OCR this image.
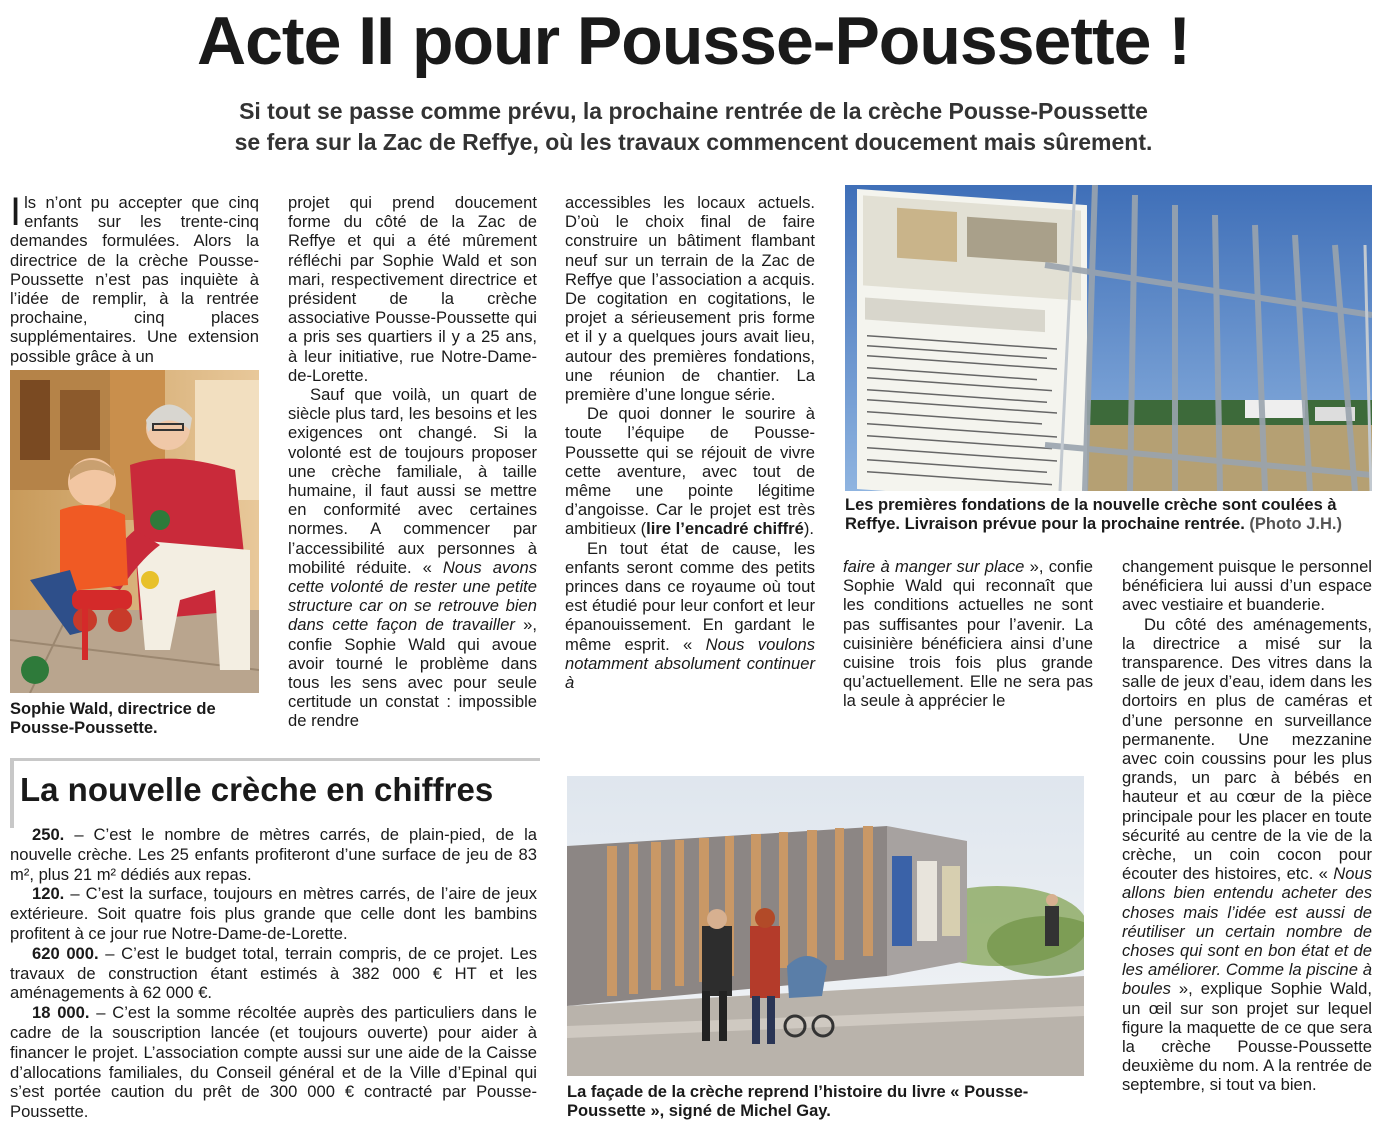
Acte II pour Pousse-Poussette !
Si tout se passe comme prévu, la prochaine rentrée de la crèche Pousse-Poussette
se fera sur la Zac de Reffye, où les travaux commencent doucement mais sûrement.

Ils n’ont pu accepter que cinq enfants sur les trente-cinq demandes formulées. Alors la directrice de la crèche Pousse-Poussette n’est pas inquiète à l’idée de remplir, à la rentrée prochaine, cinq places supplémentaires. Une extension possible grâce à un

Sophie Wald, directrice de Pousse-Poussette.

projet qui prend doucement forme du côté de la Zac de Reffye et qui a été mûrement réfléchi par Sophie Wald et son mari, respectivement directrice et président de la crèche associative Pousse-Poussette qui a pris ses quartiers il y a 25 ans, à leur initiative, rue Notre-Dame-de-Lorette.

Sauf que voilà, un quart de siècle plus tard, les besoins et les exigences ont changé. Si la volonté est de toujours proposer une crèche familiale, à taille humaine, il faut aussi se mettre en conformité avec certaines normes. A commencer par l’accessibilité aux personnes à mobilité réduite. « Nous avons cette volonté de rester une petite structure car on se retrouve bien dans cette façon de travailler », confie Sophie Wald qui avoue avoir tourné le problème dans tous les sens avec pour seule certitude un constat : impossible de rendre

accessibles les locaux actuels. D’où le choix final de faire construire un bâtiment flambant neuf sur un terrain de la Zac de Reffye que l’association a acquis. De cogitation en cogitations, le projet a sérieusement pris forme et il y a quelques jours avait lieu, autour des premières fondations, une réunion de chantier. La première d’une longue série.

De quoi donner le sourire à toute l’équipe de Pousse-Poussette qui se réjouit de vivre cette aventure, avec tout de même une pointe légitime d’angoisse. Car le projet est très ambitieux (lire l’encadré chiffré).

En tout état de cause, les enfants seront comme des petits princes dans ce royaume où tout est étudié pour leur confort et leur épanouissement. En gardant le même esprit. « Nous voulons notamment absolument continuer à

Les premières fondations de la nouvelle crèche sont coulées à Reffye. Livraison prévue pour la prochaine rentrée. (Photo J.H.)

faire à manger sur place », confie Sophie Wald qui reconnaît que les conditions actuelles ne sont pas suffisantes pour l’avenir. La cuisinière bénéficiera ainsi d’une cuisine trois fois plus grande qu’actuellement. Elle ne sera pas la seule à apprécier le

changement puisque le personnel bénéficiera lui aussi d’un espace avec vestiaire et buanderie.

Du côté des aménagements, la directrice a misé sur la transparence. Des vitres dans la salle de jeux d’eau, idem dans les dortoirs en plus de caméras et d’une personne en surveillance permanente. Une mezzanine avec coin coussins pour les plus grands, un parc à bébés en hauteur et au cœur de la pièce principale pour les placer en toute sécurité au centre de la vie de la crèche, un coin cocon pour écouter des histoires, etc. « Nous allons bien entendu acheter des choses mais l’idée est aussi de réutiliser un certain nombre de choses qui sont en bon état et de les améliorer. Comme la piscine à boules », explique Sophie Wald, un œil sur son projet sur lequel figure la maquette de ce que sera la crèche Pousse-Poussette deuxième du nom. A la rentrée de septembre, si tout va bien.

La nouvelle crèche en chiffres

250. – C’est le nombre de mètres carrés, de plain-pied, de la nouvelle crèche. Les 25 enfants profiteront d’une surface de jeu de 83 m², plus 21 m² dédiés aux repas.

120. – C’est la surface, toujours en mètres carrés, de l’aire de jeux extérieure. Soit quatre fois plus grande que celle dont les bambins profitent à ce jour rue Notre-Dame-de-Lorette.

620 000. – C’est le budget total, terrain compris, de ce projet. Les travaux de construction étant estimés à 382 000 € HT et les aménagements à 62 000 €.

18 000. – C’est la somme récoltée auprès des particuliers dans le cadre de la souscription lancée (et toujours ouverte) pour aider à financer le projet. L’association compte aussi sur une aide de la Caisse d’allocations familiales, du Conseil général et de la Ville d’Epinal qui s’est portée caution du prêt de 300 000 € contracté par Pousse-Poussette.

La façade de la crèche reprend l’histoire du livre « Pousse-Poussette », signé de Michel Gay.
